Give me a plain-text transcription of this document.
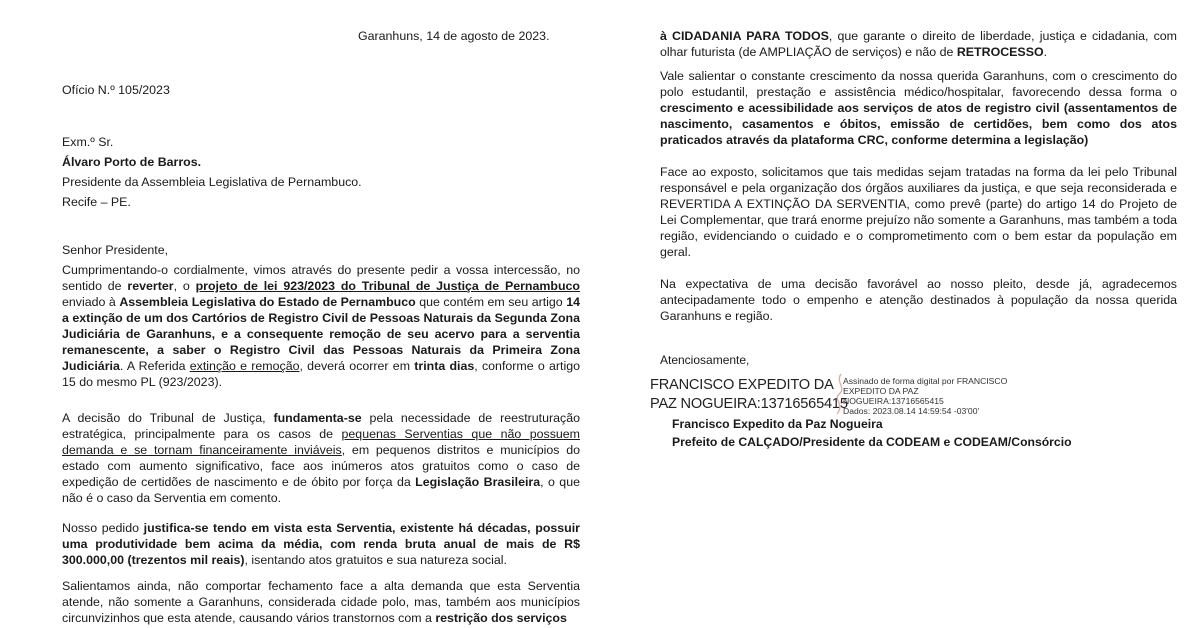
Garanhuns, 14 de agosto de 2023.
Ofício N.º 105/2023
Exm.º Sr.
Álvaro Porto de Barros.
Presidente da Assembleia Legislativa de Pernambuco.
Recife – PE.
Senhor Presidente,

Cumprimentando-o cordialmente, vimos através do presente pedir a vossa intercessão, no sentido de reverter, o projeto de lei 923/2023 do Tribunal de Justiça de Pernambuco enviado à Assembleia Legislativa do Estado de Pernambuco que contém em seu artigo 14 a extinção de um dos Cartórios de Registro Civil de Pessoas Naturais da Segunda Zona Judiciária de Garanhuns, e a consequente remoção de seu acervo para a serventia remanescente, a saber o Registro Civil das Pessoas Naturais da Primeira Zona Judiciária. A Referida extinção e remoção, deverá ocorrer em trinta dias, conforme o artigo 15 do mesmo PL (923/2023).

A decisão do Tribunal de Justiça, fundamenta-se pela necessidade de reestruturação estratégica, principalmente para os casos de pequenas Serventias que não possuem demanda e se tornam financeiramente inviáveis, em pequenos distritos e municípios do estado com aumento significativo, face aos inúmeros atos gratuitos como o caso de expedição de certidões de nascimento e de óbito por força da Legislação Brasileira, o que não é o caso da Serventia em comento.

Nosso pedido justifica-se tendo em vista esta Serventia, existente há décadas, possuir uma produtividade bem acima da média, com renda bruta anual de mais de R$ 300.000,00 (trezentos mil reais), isentando atos gratuitos e sua natureza social.

Salientamos ainda, não comportar fechamento face a alta demanda que esta Serventia atende, não somente a Garanhuns, considerada cidade polo, mas, também aos municípios circunvizinhos que esta atende, causando vários transtornos com a restrição dos serviços

à CIDADANIA PARA TODOS, que garante o direito de liberdade, justiça e cidadania, com olhar futurista (de AMPLIAÇÃO de serviços) e não de RETROCESSO.

Vale salientar o constante crescimento da nossa querida Garanhuns, com o crescimento do polo estudantil, prestação e assistência médico/hospitalar, favorecendo dessa forma o crescimento e acessibilidade aos serviços de atos de registro civil (assentamentos de nascimento, casamentos e óbitos, emissão de certidões, bem como dos atos praticados através da plataforma CRC, conforme determina a legislação)

Face ao exposto, solicitamos que tais medidas sejam tratadas na forma da lei pelo Tribunal responsável e pela organização dos órgãos auxiliares da justiça, e que seja reconsiderada e REVERTIDA A EXTINÇÃO DA SERVENTIA, como prevê (parte) do artigo 14 do Projeto de Lei Complementar, que trará enorme prejuízo não somente a Garanhuns, mas também a toda região, evidenciando o cuidado e o comprometimento com o bem estar da população em geral.

Na expectativa de uma decisão favorável ao nosso pleito, desde já, agradecemos antecipadamente todo o empenho e atenção destinados à população da nossa querida Garanhuns e região.

Atenciosamente,
FRANCISCO EXPEDITO DA
PAZ NOGUEIRA:13716565415
Assinado de forma digital por FRANCISCO
EXPEDITO DA PAZ NOGUEIRA:13716565415
Dados: 2023.08.14 14:59:54 -03'00'
Francisco Expedito da Paz Nogueira
Prefeito de CALÇADO/Presidente da CODEAM e CODEAM/Consórcio
